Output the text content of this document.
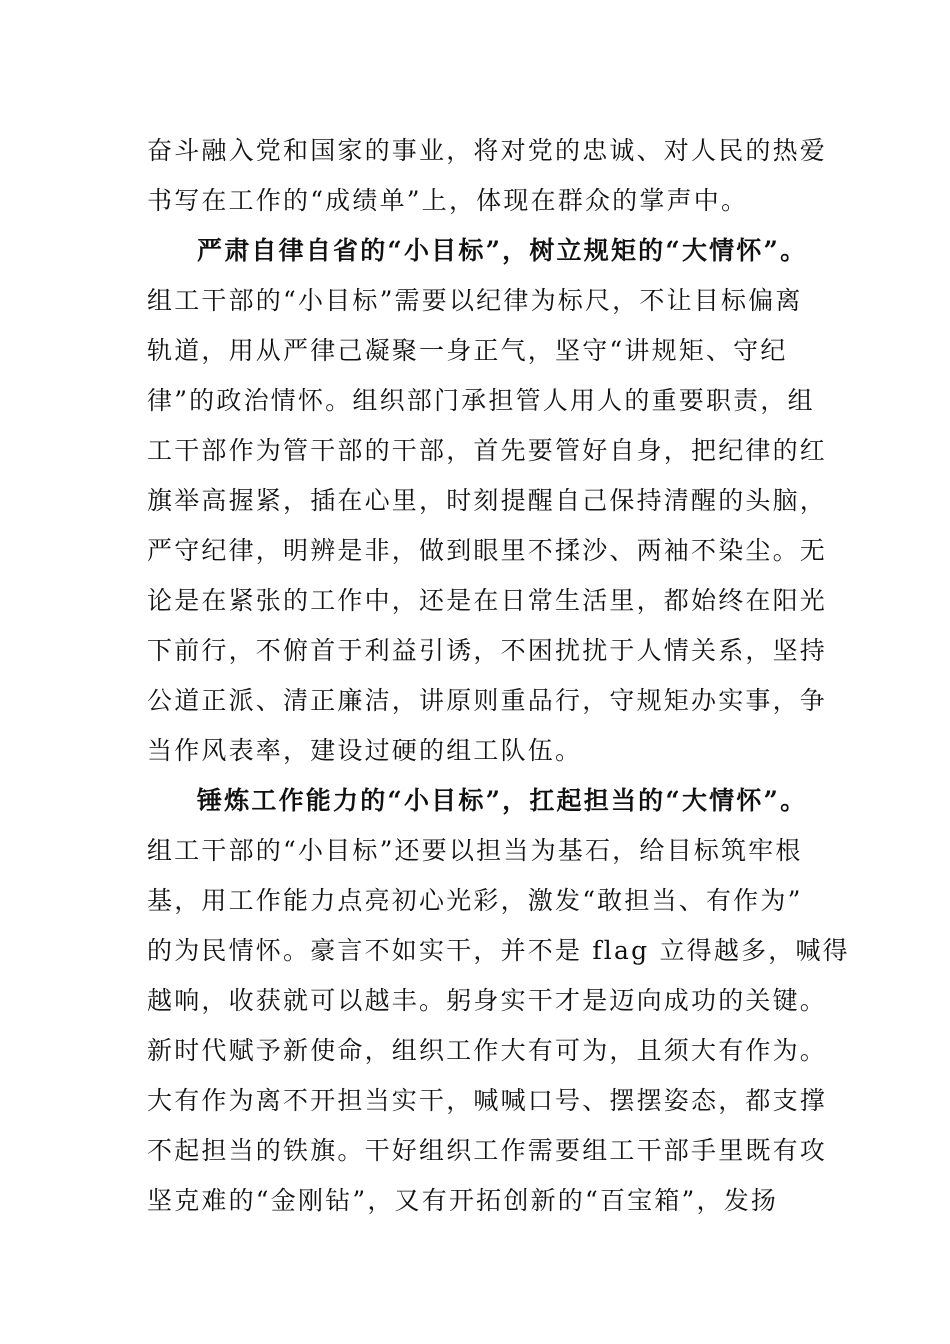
奋斗融入党和国家的事业，将对党的忠诚、对人民的热爱
书写在工作的“成绩单”上，体现在群众的掌声中。
严肃自律自省的“小目标”，树立规矩的“大情怀”。
组工干部的“小目标”需要以纪律为标尺，不让目标偏离
轨道，用从严律己凝聚一身正气，坚守“讲规矩、守纪
律”的政治情怀。组织部门承担管人用人的重要职责，组
工干部作为管干部的干部，首先要管好自身，把纪律的红
旗举高握紧，插在心里，时刻提醒自己保持清醒的头脑，
严守纪律，明辨是非，做到眼里不揉沙、两袖不染尘。无
论是在紧张的工作中，还是在日常生活里，都始终在阳光
下前行，不俯首于利益引诱，不困扰扰于人情关系，坚持
公道正派、清正廉洁，讲原则重品行，守规矩办实事，争
当作风表率，建设过硬的组工队伍。
锤炼工作能力的“小目标”，扛起担当的“大情怀”。
组工干部的“小目标”还要以担当为基石，给目标筑牢根
基，用工作能力点亮初心光彩，激发“敢担当、有作为”
的为民情怀。豪言不如实干，并不是 flag 立得越多，喊得
越响，收获就可以越丰。躬身实干才是迈向成功的关键。
新时代赋予新使命，组织工作大有可为，且须大有作为。
大有作为离不开担当实干，喊喊口号、摆摆姿态，都支撑
不起担当的铁旗。干好组织工作需要组工干部手里既有攻
坚克难的“金刚钻”，又有开拓创新的“百宝箱”，发扬
